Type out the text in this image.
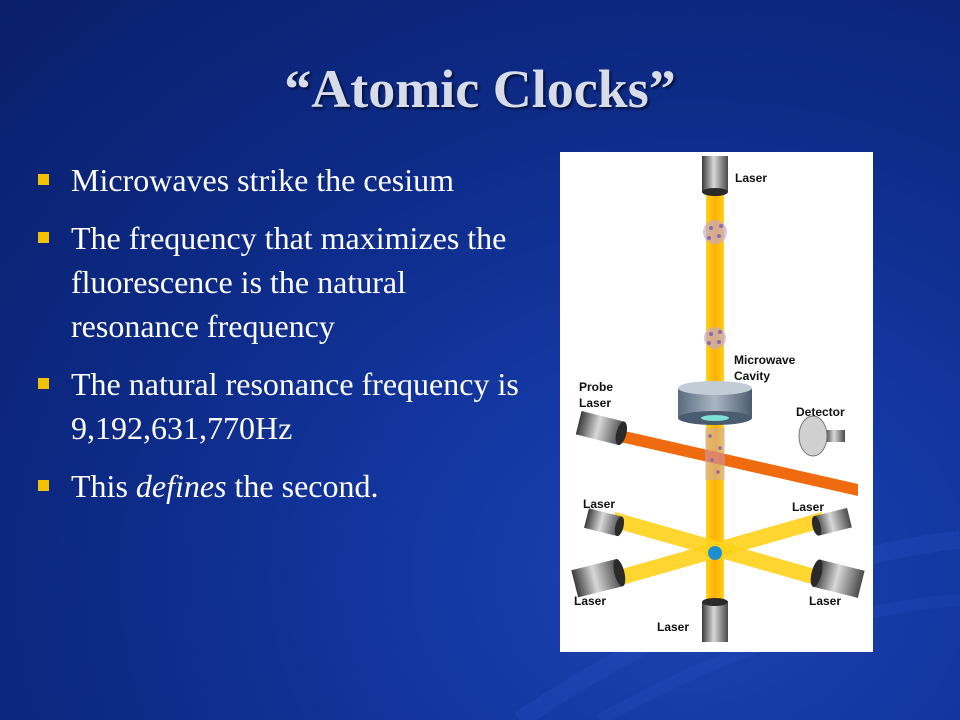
“Atomic Clocks”
Microwaves strike the cesium
The frequency that maximizes the fluorescence is the natural resonance frequency
The natural resonance frequency is 9,192,631,770Hz
This defines the second.
Laser
Microwave
Cavity
Probe
Laser
Detector
Laser	Laser
Laser	Laser
Laser
